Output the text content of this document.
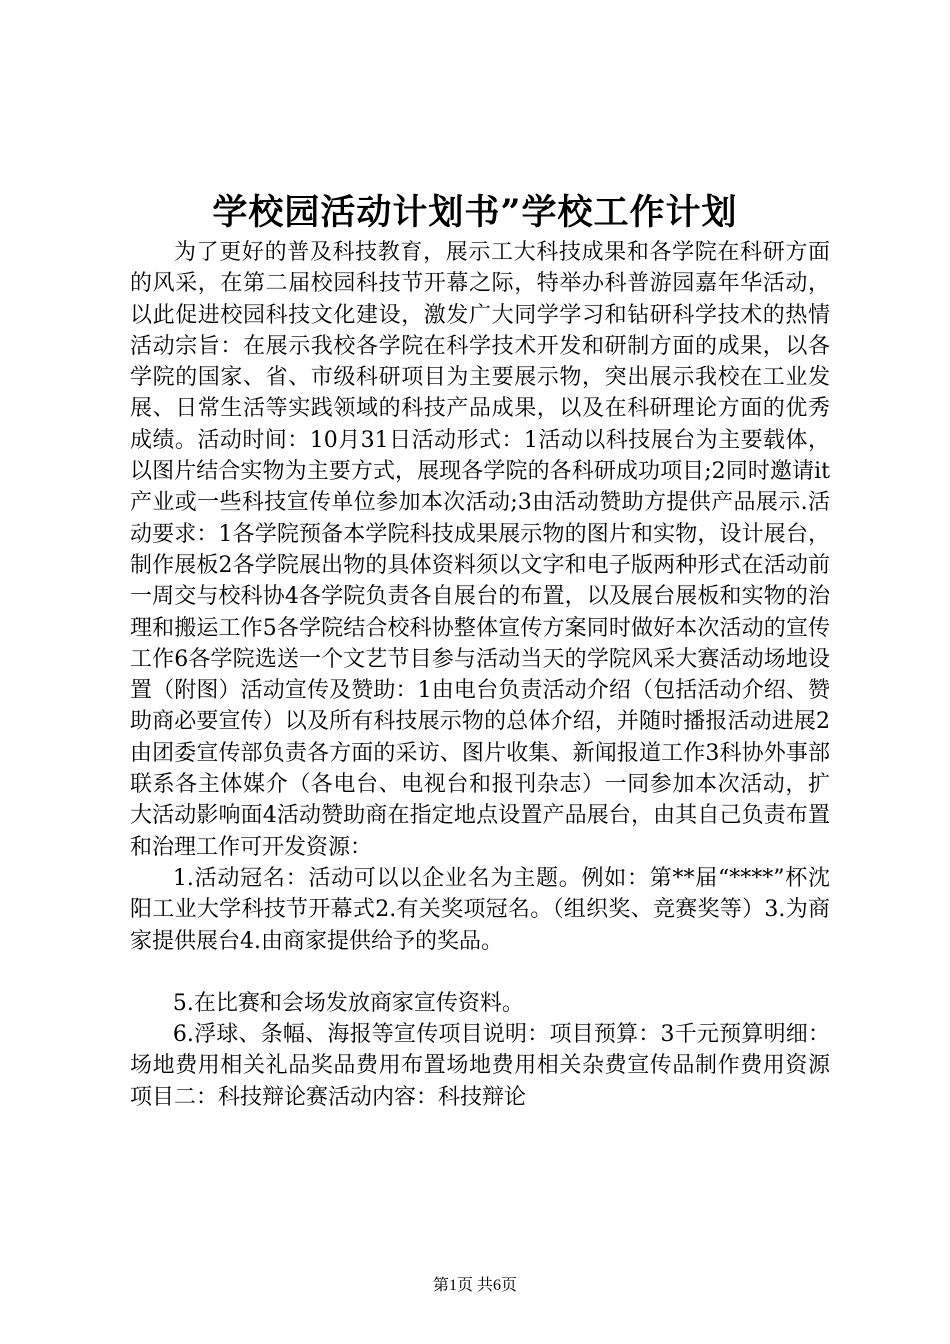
学校园活动计划书”学校工作计划

为了更好的普及科技教育，展示工大科技成果和各学院在科研方面的风采，在第二届校园科技节开幕之际，特举办科普游园嘉年华活动，以此促进校园科技文化建设，激发广大同学学习和钻研科学技术的热情活动宗旨：在展示我校各学院在科学技术开发和研制方面的成果，以各学院的国家、省、市级科研项目为主要展示物，突出展示我校在工业发展、日常生活等实践领域的科技产品成果，以及在科研理论方面的优秀成绩。活动时间：10月31日活动形式：1活动以科技展台为主要载体，以图片结合实物为主要方式，展现各学院的各科研成功项目;2同时邀请it产业或一些科技宣传单位参加本次活动;3由活动赞助方提供产品展示.活动要求：1各学院预备本学院科技成果展示物的图片和实物，设计展台，制作展板2各学院展出物的具体资料须以文字和电子版两种形式在活动前一周交与校科协4各学院负责各自展台的布置，以及展台展板和实物的治理和搬运工作5各学院结合校科协整体宣传方案同时做好本次活动的宣传工作6各学院选送一个文艺节目参与活动当天的学院风采大赛活动场地设置（附图）活动宣传及赞助：1由电台负责活动介绍（包括活动介绍、赞助商必要宣传）以及所有科技展示物的总体介绍，并随时播报活动进展2由团委宣传部负责各方面的采访、图片收集、新闻报道工作3科协外事部联系各主体媒介（各电台、电视台和报刊杂志）一同参加本次活动，扩大活动影响面4活动赞助商在指定地点设置产品展台，由其自己负责布置和治理工作可开发资源：

1.活动冠名：活动可以以企业名为主题。例如：第**届“****”杯沈阳工业大学科技节开幕式2.有关奖项冠名。（组织奖、竞赛奖等）3.为商家提供展台4.由商家提供给予的奖品。

5.在比赛和会场发放商家宣传资料。

6.浮球、条幅、海报等宣传项目说明：项目预算：3千元预算明细：场地费用相关礼品奖品费用布置场地费用相关杂费宣传品制作费用资源项目二：科技辩论赛活动内容：科技辩论

第1页 共6页
